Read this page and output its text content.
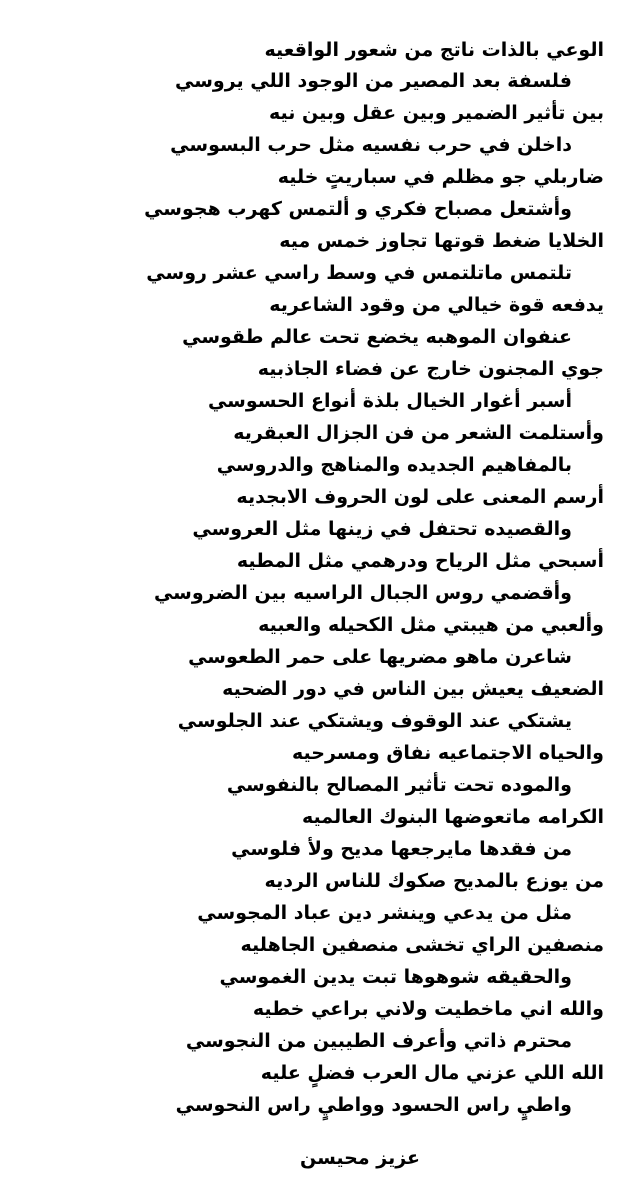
الوعي بالذات ناتج من شعور الواقعيه
فلسفة بعد المصير من الوجود اللي يروسي
بين تأثير الضمير وبين عقل وبين نيه
داخلن في حرب نفسيه مثل حرب البسوسي
ضاربلي جو مظلم في سباريتٍ خليه
وأشتعل مصباح فكري و ألتمس كهرب هجوسي
الخلايا ضغط قوتها تجاوز خمس ميه
تلتمس ماتلتمس في وسط راسي عشر روسي
يدفعه قوة خيالي من وقود الشاعريه
عنفوان الموهبه يخضع تحت عالم طقوسي
جوي المجنون خارج عن فضاء الجاذبيه
أسبر أغوار الخيال بلذة أنواع الحسوسي
وأستلمت الشعر من فن الجزال العبقريه
بالمفاهيم الجديده والمناهج والدروسي
أرسم المعنى على لون الحروف الابجديه
والقصيده تحتفل في زينها مثل العروسي
أسبحي مثل الرياح ودرهمي مثل المطيه
وأقضمي روس الجبال الراسيه بين الضروسي
وألعبي من هيبتي مثل الكحيله والعبيه
شاعرن ماهو مضريها على حمر الطعوسي
الضعيف يعيش بين الناس في دور الضحيه
يشتكي عند الوقوف ويشتكي عند الجلوسي
والحياه الاجتماعيه نفاق ومسرحيه
والموده تحت تأثير المصالح بالنفوسي
الكرامه ماتعوضها البنوك العالميه
من فقدها مايرجعها مديح ولأ فلوسي
من يوزع بالمديح صكوك للناس الرديه
مثل من يدعي وينشر دين عباد المجوسي
منصفين الراي تخشى منصفين الجاهليه
والحقيقه شوهوها تبت يدين الغموسي
والله اني ماخطيت ولاني براعي خطيه
محترم ذاتي وأعرف الطيبين من النجوسي
الله اللي عزني مال العرب فضلٍ عليه
واطيٍ راس الحسود وواطيٍ راس النحوسي
عزيز محيسن
